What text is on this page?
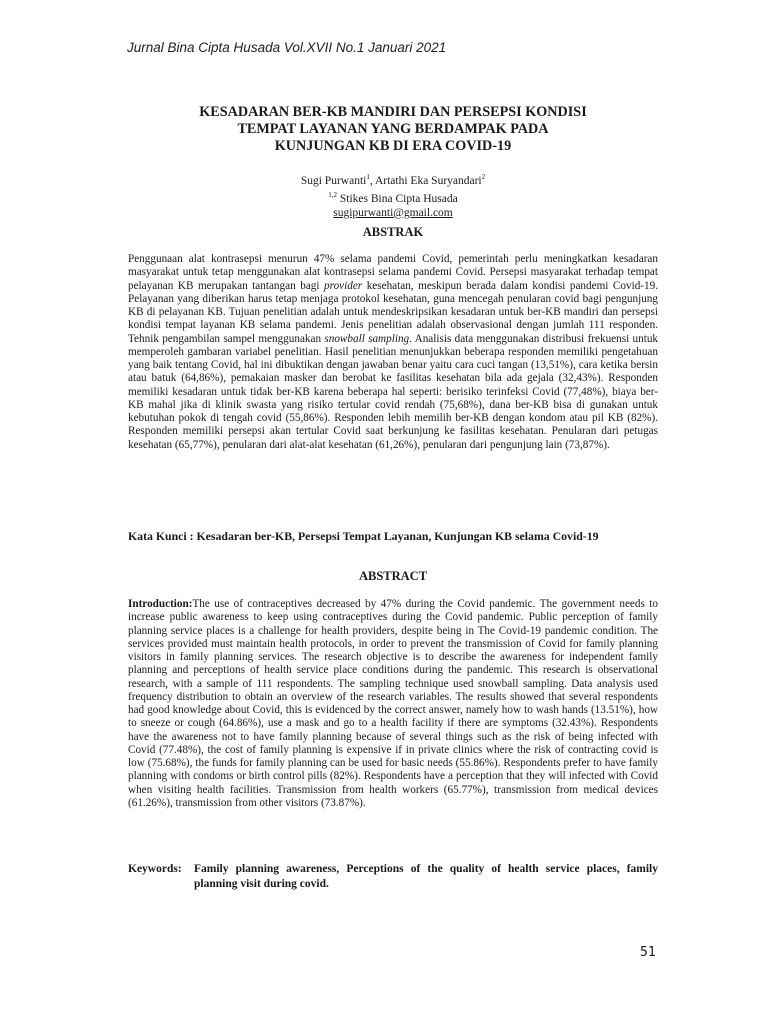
Jurnal Bina Cipta Husada Vol.XVII No.1 Januari 2021
KESADARAN BER-KB MANDIRI DAN PERSEPSI KONDISI
TEMPAT LAYANAN YANG BERDAMPAK PADA
KUNJUNGAN KB DI ERA COVID-19
Sugi Purwanti$^1$, Artathi Eka Suryandari$^2$
$^{1,2}$ Stikes Bina Cipta Husada
sugipurwanti@gmail.com
ABSTRAK

Penggunaan alat kontrasepsi menurun 47% selama pandemi Covid, pemerintah perlu meningkatkan kesadaran masyarakat untuk tetap menggunakan alat kontrasepsi selama pandemi Covid. Persepsi masyarakat terhadap tempat pelayanan KB merupakan tantangan bagi provider kesehatan, meskipun berada dalam kondisi pandemi Covid-19. Pelayanan yang diberikan harus tetap menjaga protokol kesehatan, guna mencegah penularan covid bagi pengunjung KB di pelayanan KB. Tujuan penelitian adalah untuk mendeskripsikan kesadaran untuk ber-KB mandiri dan persepsi kondisi tempat layanan KB selama pandemi. Jenis penelitian adalah observasional dengan jumlah 111 responden. Tehnik pengambilan sampel menggunakan snowball sampling. Analisis data menggunakan distribusi frekuensi untuk memperoleh gambaran variabel penelitian. Hasil penelitian menunjukkan beberapa responden memiliki pengetahuan yang baik tentang Covid, hal ini dibuktikan dengan jawaban benar yaitu cara cuci tangan (13,51%), cara ketika bersin atau batuk (64,86%), pemakaian masker dan berobat ke fasilitas kesehatan bila ada gejala (32,43%). Responden memiliki kesadaran untuk tidak ber-KB karena beberapa hal seperti: berisiko terinfeksi Covid (77,48%), biaya ber-KB mahal jika di klinik swasta yang risiko tertular covid rendah (75,68%), dana ber-KB bisa di gunakan untuk kebutuhan pokok di tengah covid (55,86%). Responden lebih memilih ber-KB dengan kondom atau pil KB (82%). Responden memiliki persepsi akan tertular Covid saat berkunjung ke fasilitas kesehatan. Penularan dari petugas kesehatan (65,77%), penularan dari alat-alat kesehatan (61,26%), penularan dari pengunjung lain (73,87%).

Kata Kunci : Kesadaran ber-KB, Persepsi Tempat Layanan, Kunjungan KB selama Covid-19
ABSTRACT

Introduction:The use of contraceptives decreased by 47% during the Covid pandemic. The government needs to increase public awareness to keep using contraceptives during the Covid pandemic. Public perception of family planning service places is a challenge for health providers, despite being in The Covid-19 pandemic condition. The services provided must maintain health protocols, in order to prevent the transmission of Covid for family planning visitors in family planning services. The research objective is to describe the awareness for independent family planning and perceptions of health service place conditions during the pandemic. This research is observational research, with a sample of 111 respondents. The sampling technique used snowball sampling. Data analysis used frequency distribution to obtain an overview of the research variables. The results showed that several respondents had good knowledge about Covid, this is evidenced by the correct answer, namely how to wash hands (13.51%), how to sneeze or cough (64.86%), use a mask and go to a health facility if there are symptoms (32.43%). Respondents have the awareness not to have family planning because of several things such as the risk of being infected with Covid (77.48%), the cost of family planning is expensive if in private clinics where the risk of contracting covid is low (75.68%), the funds for family planning can be used for basic needs (55.86%). Respondents prefer to have family planning with condoms or birth control pills (82%). Respondents have a perception that they will infected with Covid when visiting health facilities. Transmission from health workers (65.77%), transmission from medical devices (61.26%), transmission from other visitors (73.87%).

Keywords:	Family planning awareness, Perceptions of the quality of health service places, family planning visit during covid.
51
